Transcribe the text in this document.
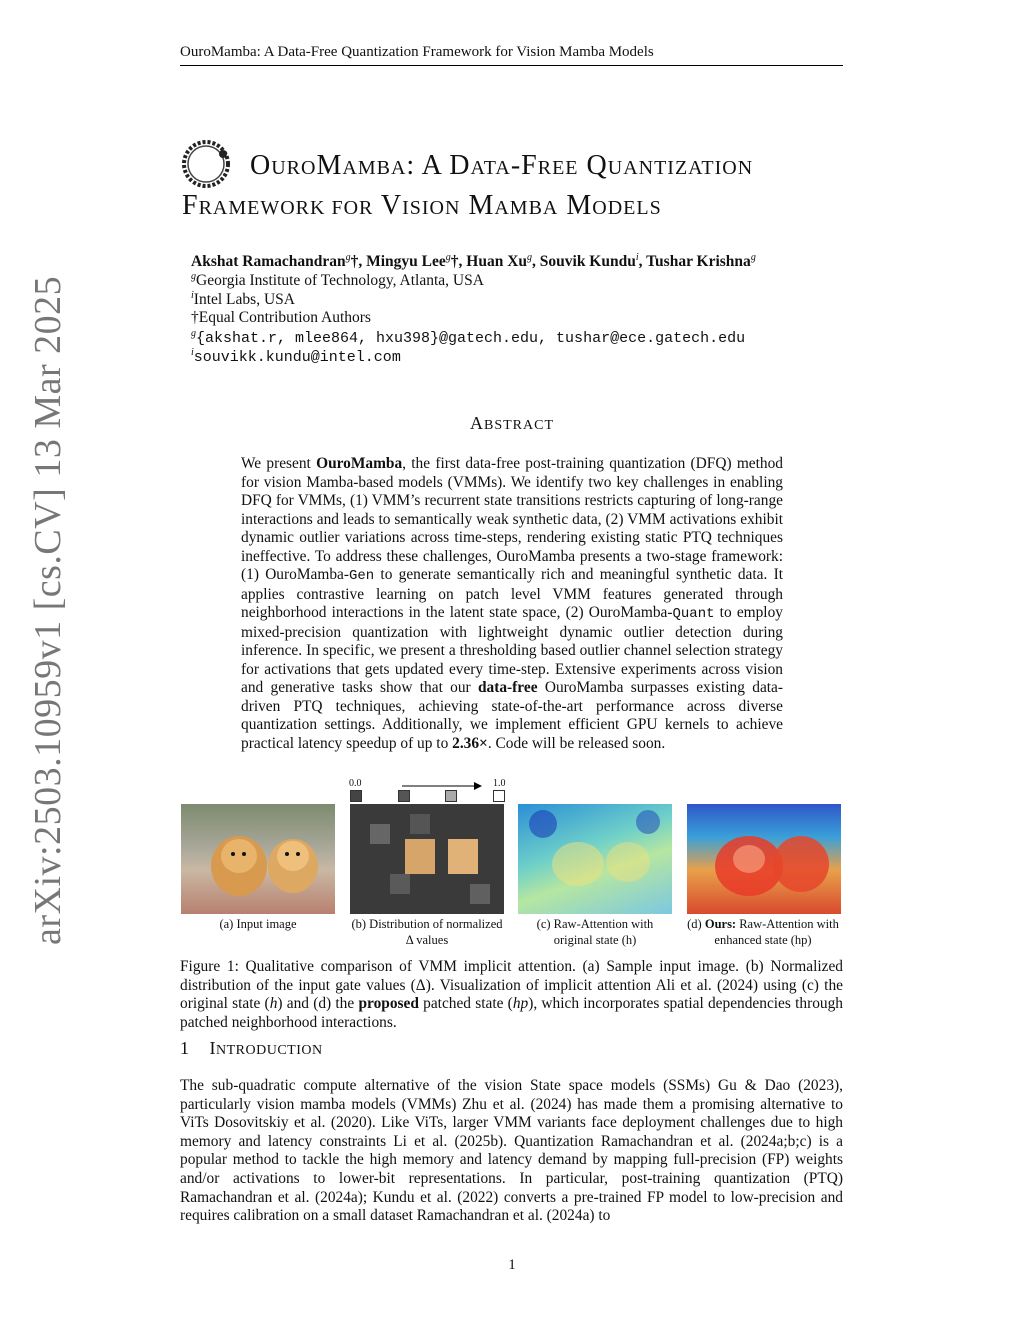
OuroMamba: A Data-Free Quantization Framework for Vision Mamba Models
arXiv:2503.10959v1 [cs.CV] 13 Mar 2025
OUROMAMBA: A DATA-FREE QUANTIZATION
FRAMEWORK FOR VISION MAMBA MODELS
Akshat Ramachandran$^g$†, Mingyu Lee$^g$†, Huan Xu$^g$, Souvik Kundu$^i$, Tushar Krishna$^g$
$^g$Georgia Institute of Technology, Atlanta, USA
$^i$Intel Labs, USA
†Equal Contribution Authors
$^g${akshat.r, mlee864, hxu398}@gatech.edu, tushar@ece.gatech.edu
$^i$souvikk.kundu@intel.com
ABSTRACT
We present OuroMamba, the first data-free post-training quantization (DFQ) method for vision Mamba-based models (VMMs). We identify two key challenges in enabling DFQ for VMMs, (1) VMM’s recurrent state transitions restricts capturing of long-range interactions and leads to semantically weak synthetic data, (2) VMM activations exhibit dynamic outlier variations across time-steps, rendering existing static PTQ techniques ineffective. To address these challenges, OuroMamba presents a two-stage framework: (1) OuroMamba-Gen to generate semantically rich and meaningful synthetic data. It applies contrastive learning on patch level VMM features generated through neighborhood interactions in the latent state space, (2) OuroMamba-Quant to employ mixed-precision quantization with lightweight dynamic outlier detection during inference. In specific, we present a thresholding based outlier channel selection strategy for activations that gets updated every time-step. Extensive experiments across vision and generative tasks show that our data-free OuroMamba surpasses existing data-driven PTQ techniques, achieving state-of-the-art performance across diverse quantization settings. Additionally, we implement efficient GPU kernels to achieve practical latency speedup of up to 2.36×. Code will be released soon.
0.0	1.0
(a) Input image	(b) Distribution of normalized
Δ values
(c) Raw-Attention with
original state (h)
(d) Ours: Raw-Attention with
enhanced state (hp)
Figure 1: Qualitative comparison of VMM implicit attention. (a) Sample input image. (b) Normalized distribution of the input gate values (Δ). Visualization of implicit attention Ali et al. (2024) using (c) the original state (h) and (d) the proposed patched state (hp), which incorporates spatial dependencies through patched neighborhood interactions.
1 INTRODUCTION
The sub-quadratic compute alternative of the vision State space models (SSMs) Gu & Dao (2023), particularly vision mamba models (VMMs) Zhu et al. (2024) has made them a promising alternative to ViTs Dosovitskiy et al. (2020). Like ViTs, larger VMM variants face deployment challenges due to high memory and latency constraints Li et al. (2025b). Quantization Ramachandran et al. (2024a;b;c) is a popular method to tackle the high memory and latency demand by mapping full-precision (FP) weights and/or activations to lower-bit representations. In particular, post-training quantization (PTQ) Ramachandran et al. (2024a); Kundu et al. (2022) converts a pre-trained FP model to low-precision and requires calibration on a small dataset Ramachandran et al. (2024a) to
1
